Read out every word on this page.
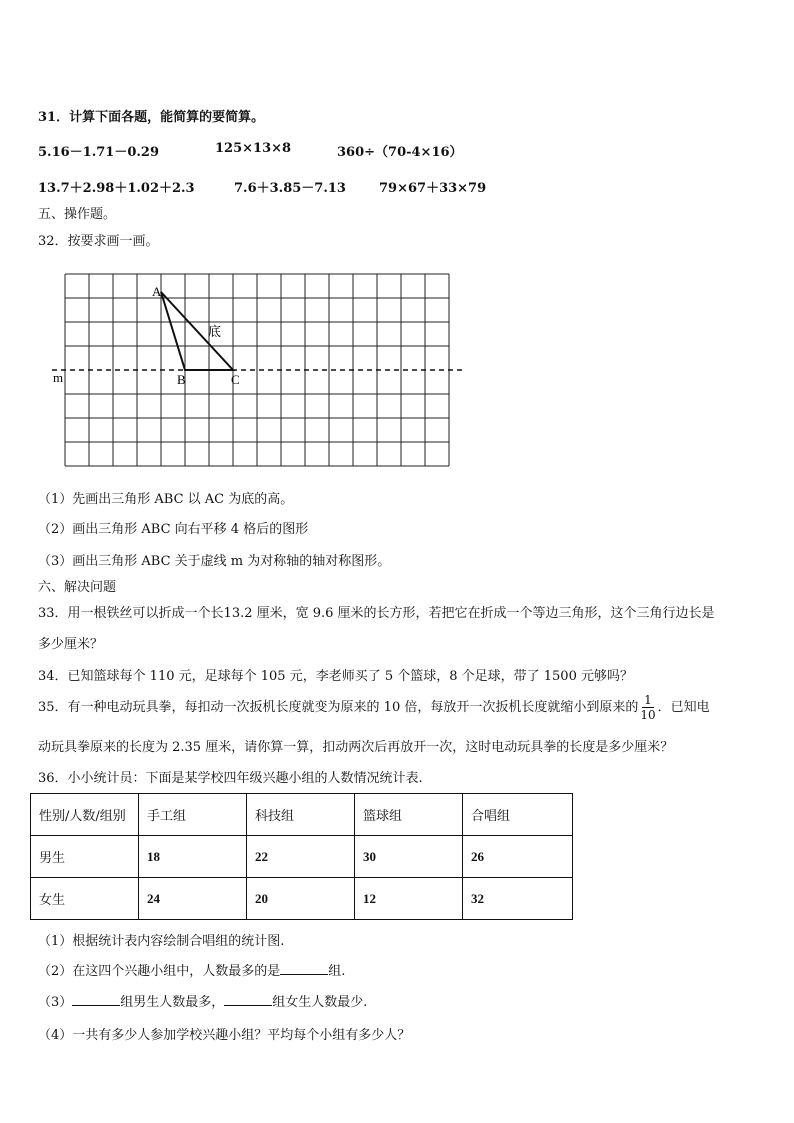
31．计算下面各题，能简算的要简算。
5.16－1.71－0.29	125×13×8	360÷（70-4×16）
13.7＋2.98＋1.02＋2.3	7.6＋3.85－7.13	79×67＋33×79
五、操作题。
32．按要求画一画。
A
B	C
m
底
（1）先画出三角形 ABC 以 AC 为底的高。
（2）画出三角形 ABC 向右平移 4 格后的图形
（3）画出三角形 ABC 关于虚线 m 为对称轴的轴对称图形。
六、解决问题
33．用一根铁丝可以折成一个长13.2 厘米，宽 9.6 厘米的长方形，若把它在折成一个等边三角形，这个三角行边长是
多少厘米？
34．已知篮球每个 110 元，足球每个 105 元，李老师买了 5 个篮球，8 个足球，带了 1500 元够吗？
35．有一种电动玩具拳，每扣动一次扳机长度就变为原来的 10 倍，每放开一次扳机长度就缩小到原来的 $\frac{1}{10}$ ．已知电
动玩具拳原来的长度为 2.35 厘米，请你算一算，扣动两次后再放开一次，这时电动玩具拳的长度是多少厘米？
36．小小统计员：下面是某学校四年级兴趣小组的人数情况统计表.
性别/人数/组别	手工组	科技组	篮球组	合唱组
男生	18	22	30	26
女生	24	20	12	32
（1）根据统计表内容绘制合唱组的统计图.
（2）在这四个兴趣小组中，人数最多的是	组.
（3）	组男生人数最多，	组女生人数最少.
（4）一共有多少人参加学校兴趣小组？平均每个小组有多少人？
